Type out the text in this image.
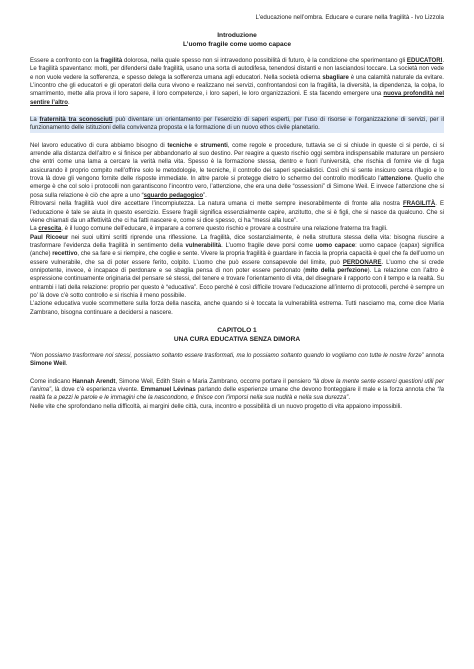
L’educazione nell’ombra. Educare e curare nella fragilità - Ivo Lizzola
Introduzione
L’uomo fragile come uomo capace

Essere a confronto con la fragilità dolorosa, nella quale spesso non si intravedono possibilità di futuro, è la condizione che sperimentano gli EDUCATORI. Le fragilità spaventano: molti, per difendersi dalle fragilità, usano una sorta di autodifesa, tenendosi distanti e non lasciandosi toccare. La società non vede e non vuole vedere la sofferenza, e spesso delega la sofferenza umana agli educatori. Nella società odierna sbagliare è una calamità naturale da evitare. L’incontro che gli educatori e gli operatori della cura vivono e realizzano nei servizi, confrontandosi con la fragilità, la diversità, la dipendenza, la colpa, lo smarrimento, mette alla prova il loro sapere, il loro competenze, i loro saperi, le loro organizzazioni. E sta facendo emergere una nuova profondità nel sentire l’altro.

La fraternità tra sconosciuti può diventare un orientamento per l’esercizio di saperi esperti, per l’uso di risorse e l’organizzazione di servizi, per il funzionamento delle istituzioni della convivenza proposta e la formazione di un nuovo ethos civile planetario.

Nel lavoro educativo di cura abbiamo bisogno di tecniche e strumenti, come regole e procedure, tuttavia se ci si chiude in queste ci si perde, ci si arrende alla distanza dell’altro e si finisce per abbandonarlo al suo destino. Per reagire a questo rischio oggi sembra indispensabile maturare un pensiero che entri come una lama a cercare la verità nella vita. Spesso è la formazione stessa, dentro e fuori l’università, che rischia di fornire vie di fuga assicurando il proprio compito nell’offrire solo le metodologie, le tecniche, il controllo dei saperi specialistici. Così chi si sente insicuro cerca rifugio e lo trova là dove gli vengono fornite delle risposte immediate. In altre parole si protegge dietro lo schermo del controllo modificato l’attenzione. Quello che emerge è che col solo i protocolli non garantiscono l’incontro vero, l’attenzione, che era una delle “ossessioni” di Simone Weil. E invece l’attenzione che si posa sulla relazione è ciò che apre a uno “sguardo pedagogico”.
Ritrovarsi nella fragilità vuol dire accettare l’incompiutezza. La natura umana ci mette sempre inesorabilmente di fronte alla nostra FRAGILITÀ. E l’educazione è tale se aiuta in questo esercizio. Essere fragili significa essenzialmente capire, anzitutto, che si è figli, che si nasce da qualcuno. Che si viene chiamati da un affettività che ci ha fatti nascere e, come si dice spesso, ci ha “messi alla luce”.
La crescita, è il luogo comune dell’educare, è imparare a correre questo rischio e provare a costruire una relazione fraterna tra fragili.
Paul Ricoeur nei suoi ultimi scritti riprende una riflessione. La fragilità, dice sostanzialmente, è nella struttura stessa della vita: bisogna riuscire a trasformare l’evidenza della fragilità in sentimento della vulnerabilità. L’uomo fragile deve porsi come uomo capace: uomo capace (capax) significa (anche) recettivo, che sa fare e si riempire, che coglie e sente. Vivere la propria fragilità è guardare in faccia la propria capacità è quel che fa dell’uomo un essere vulnerabile, che sa di poter essere ferito, colpito. L’uomo che può essere consapevole del limite, può PERDONARE. L’uomo che si crede onnipotente, invece, è incapace di perdonare e se sbaglia pensa di non poter essere perdonato (mito della perfezione). La relazione con l’altro è espressione continuamente originaria del pensare sé stessi, del tenere e trovare l’orientamento di vita, del disegnare il rapporto con il tempo e la realtà. Su entrambi i lati della relazione: proprio per questo è “educativa”. Ecco perché è così difficile trovare l’educazione all’interno di protocolli, perché è sempre un po’ là dove c’è sotto controllo e si rischia il meno possibile.
L’azione educativa vuole scommettere sulla forza della nascita, anche quando si è toccata la vulnerabilità estrema. Tutti nasciamo ma, come dice Maria Zambrano, bisogna continuare a decidersi a nascere.

CAPITOLO 1
UNA CURA EDUCATIVA SENZA DIMORA

“Non possiamo trasformare noi stessi, possiamo soltanto essere trasformati, ma lo possiamo soltanto quando lo vogliamo con tutte le nostre forze” annota Simone Weil.

Come indicano Hannah Arendt, Simone Weil, Edith Stein e Maria Zambrano, occorre portare il pensiero “là dove la mente sente esserci questioni utili per l’anima”, là dove c’è esperienza vivente. Emmanuel Lévinas parlando delle esperienze umane che devono fronteggiare il male e la forza annota che “la realtà fa a pezzi le parole e le immagini che la nascondono, e finisce con l’imporsi nella sua nudità e nella sua durezza”.
Nelle vite che sprofondano nella difficoltà, ai margini delle città, cura, incontro e possibilità di un nuovo progetto di vita appaiono impossibili.
